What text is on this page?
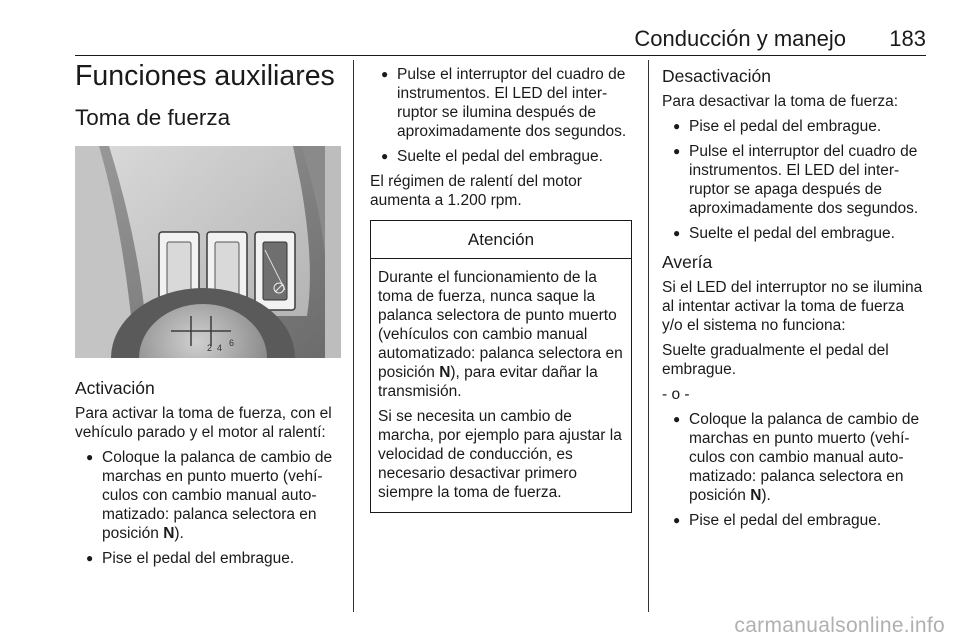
Conducción y manejo 183
Funciones auxiliares
Toma de fuerza
2 4 6
Activación

Para activar la toma de fuerza, con el vehículo parado y el motor al ralentí:

● Coloque la palanca de cambio de marchas en punto muerto (vehí-culos con cambio manual auto-matizado: palanca selectora en posición N).
● Pise el pedal del embrague.
● Pulse el interruptor del cuadro de instrumentos. El LED del inter-ruptor se ilumina después de aproximadamente dos segundos.
● Suelte el pedal del embrague.

El régimen de ralentí del motor aumenta a 1.200 rpm.

Atención

Durante el funcionamiento de la toma de fuerza, nunca saque la palanca selectora de punto muerto (vehículos con cambio manual automatizado: palanca selectora en posición N), para evitar dañar la transmisión.

Si se necesita un cambio de marcha, por ejemplo para ajustar la velocidad de conducción, es necesario desactivar primero siempre la toma de fuerza.

Desactivación

Para desactivar la toma de fuerza:

● Pise el pedal del embrague.
● Pulse el interruptor del cuadro de instrumentos. El LED del inter-ruptor se apaga después de aproximadamente dos segundos.
● Suelte el pedal del embrague.
Avería

Si el LED del interruptor no se ilumina al intentar activar la toma de fuerza y/o el sistema no funciona:

Suelte gradualmente el pedal del embrague.

- o -

● Coloque la palanca de cambio de marchas en punto muerto (vehí-culos con cambio manual auto-matizado: palanca selectora en posición N).
● Pise el pedal del embrague.
carmanualsonline.info
